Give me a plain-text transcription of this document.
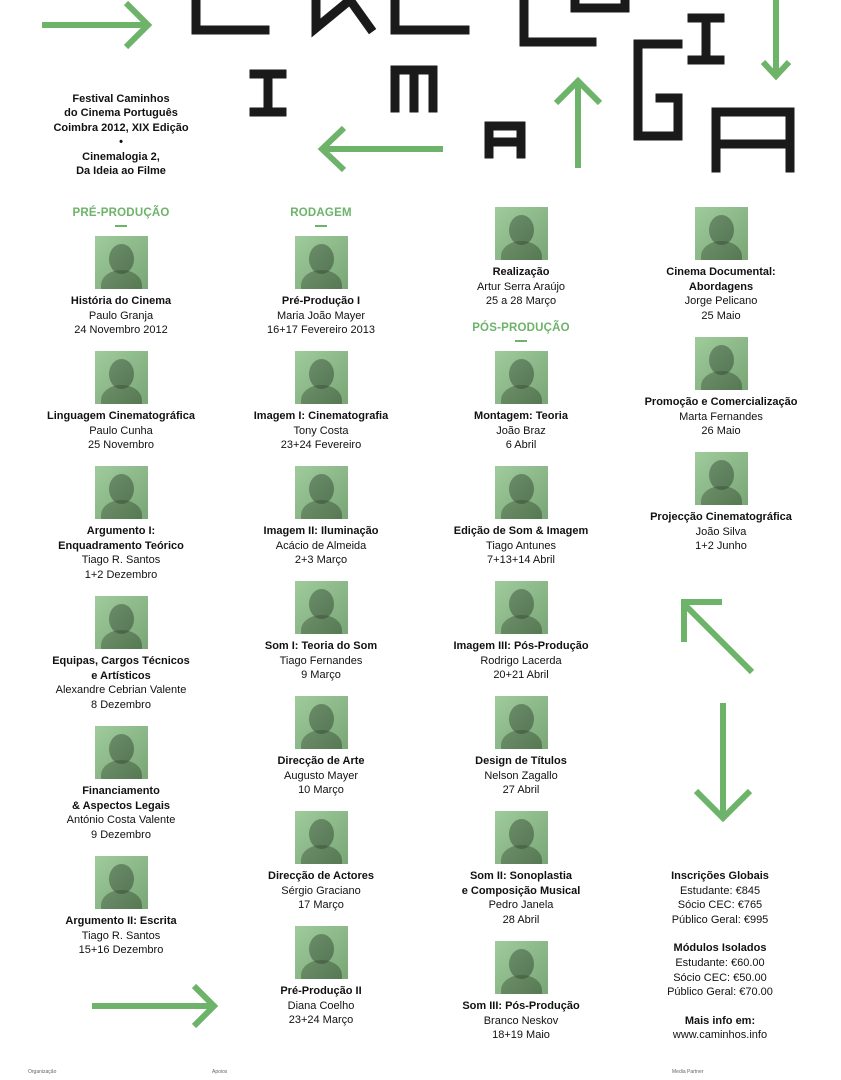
Festival Caminhos
do Cinema Português
Coimbra 2012, XIX Edição
•
Cinemalogia 2,
Da Ideia ao Filme
PRÉ-PRODUÇÃO	RODAGEM
PÓS-PRODUÇÃO
História do Cinema
Paulo Granja
24 Novembro 2012
Linguagem Cinematográfica
Paulo Cunha
25 Novembro
Argumento I:
Enquadramento Teórico
Tiago R. Santos
1+2 Dezembro
Equipas, Cargos Técnicos
e Artísticos
Alexandre Cebrian Valente
8 Dezembro
Financiamento
& Aspectos Legais
António Costa Valente
9 Dezembro
Argumento II: Escrita
Tiago R. Santos
15+16 Dezembro
Pré-Produção I
Maria João Mayer
16+17 Fevereiro 2013
Imagem I: Cinematografia
Tony Costa
23+24 Fevereiro
Imagem II: Iluminação
Acácio de Almeida
2+3 Março
Som I: Teoria do Som
Tiago Fernandes
9 Março
Direcção de Arte
Augusto Mayer
10 Março
Direcção de Actores
Sérgio Graciano
17 Março
Pré-Produção II
Diana Coelho
23+24 Março
Montagem: Teoria
João Braz
6 Abril
Edição de Som & Imagem
Tiago Antunes
7+13+14 Abril
Imagem III: Pós-Produção
Rodrigo Lacerda
20+21 Abril
Design de Títulos
Nelson Zagallo
27 Abril
Som II: Sonoplastia
e Composição Musical
Pedro Janela
28 Abril
Som III: Pós-Produção
Branco Neskov
18+19 Maio
Cinema Documental:
Abordagens
Jorge Pelicano
25 Maio
Promoção e Comercialização
Marta Fernandes
26 Maio
Projecção Cinematográfica
João Silva
1+2 Junho
Realização
Artur Serra Araújo
25 a 28 Março
Inscrições Globais
Estudante: €845
Sócio CEC: €765
Público Geral: €995
Módulos Isolados
Estudante: €60.00
Sócio CEC: €50.00
Público Geral: €70.00
Mais info em:
www.caminhos.info
Organização	Apoios	Media Partner
